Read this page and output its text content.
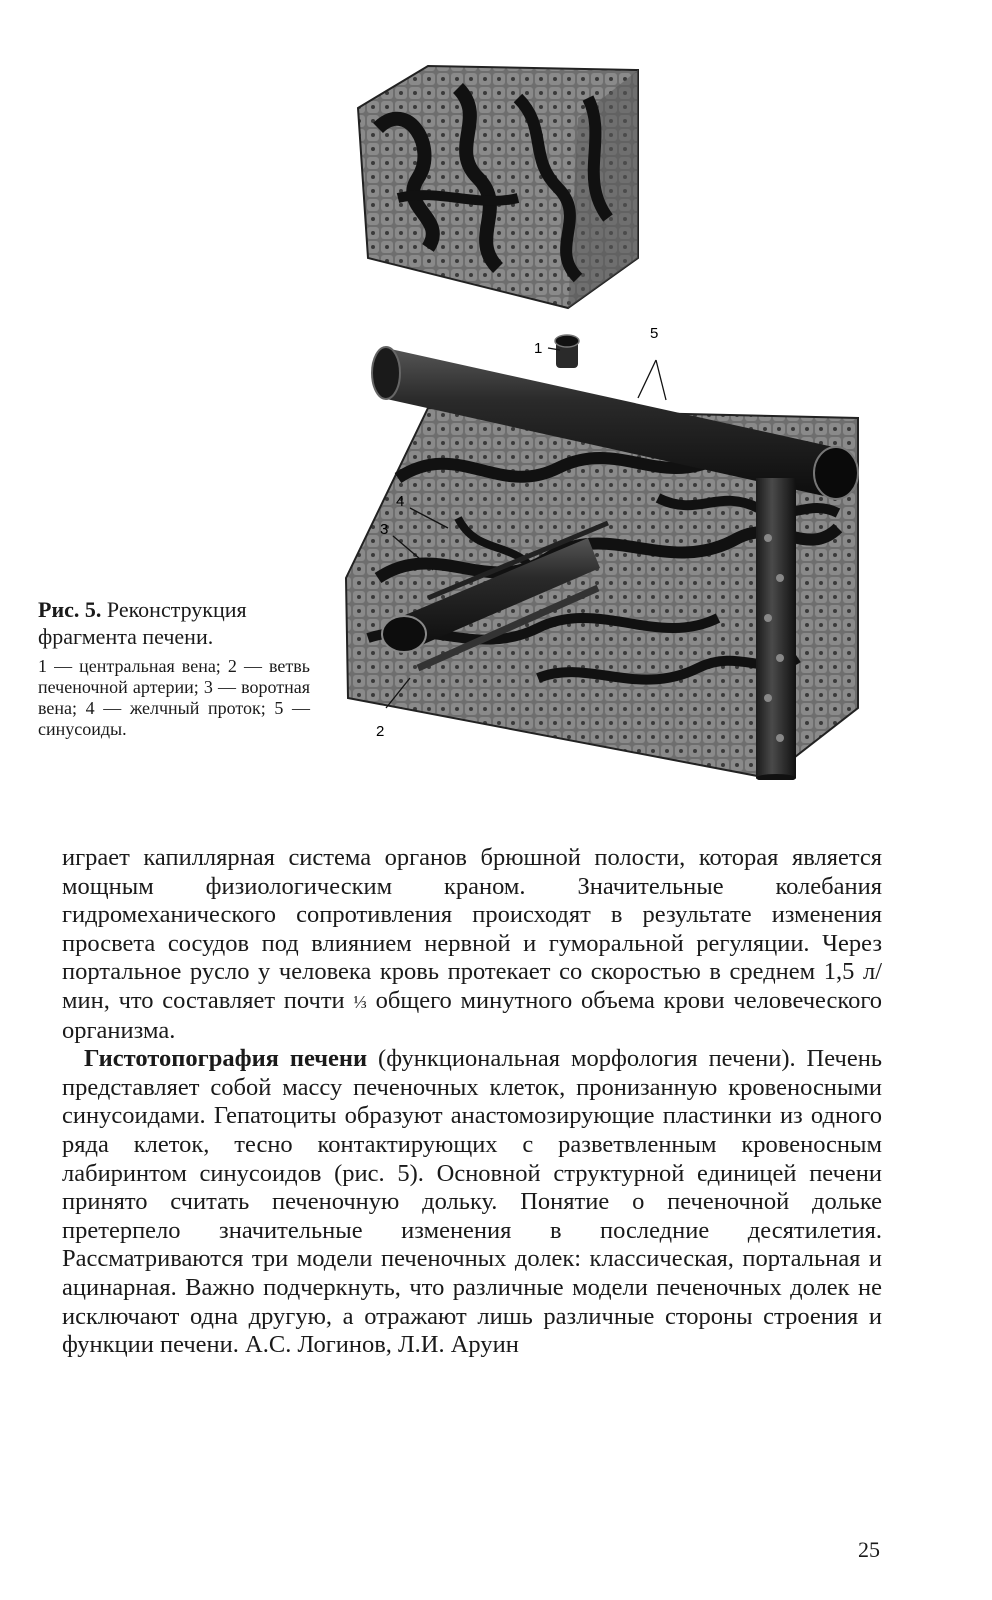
1
5
4
3
2

Рис. 5. Реконструкция фрагмента печени.

1 — центральная вена; 2 — ветвь печеночной артерии; 3 — воротная вена; 4 — желчный проток; 5 — синусоиды.

играет капиллярная система органов брюшной полости, которая является мощным физиологическим краном. Значительные колебания гидромеханического сопротивления происходят в результате изменения просвета сосудов под влиянием нервной и гуморальной регуляции. Через портальное русло у человека кровь протекает со скоростью в среднем 1,5 л/мин, что составляет почти ⅓ общего минутного объема крови человеческого организма.

Гистотопография печени (функциональная морфология печени). Печень представляет собой массу печеночных клеток, пронизанную кровеносными синусоидами. Гепатоциты образуют анастомозирующие пластинки из одного ряда клеток, тесно контактирующих с разветвленным кровеносным лабиринтом синусоидов (рис. 5). Основной структурной единицей печени принято считать печеночную дольку. Понятие о печеночной дольке претерпело значительные изменения в последние десятилетия. Рассматриваются три модели печеночных долек: классическая, портальная и ацинарная. Важно подчеркнуть, что различные модели печеночных долек не исключают одна другую, а отражают лишь различные стороны строения и функции печени. А.С. Логинов, Л.И. Аруин

25
